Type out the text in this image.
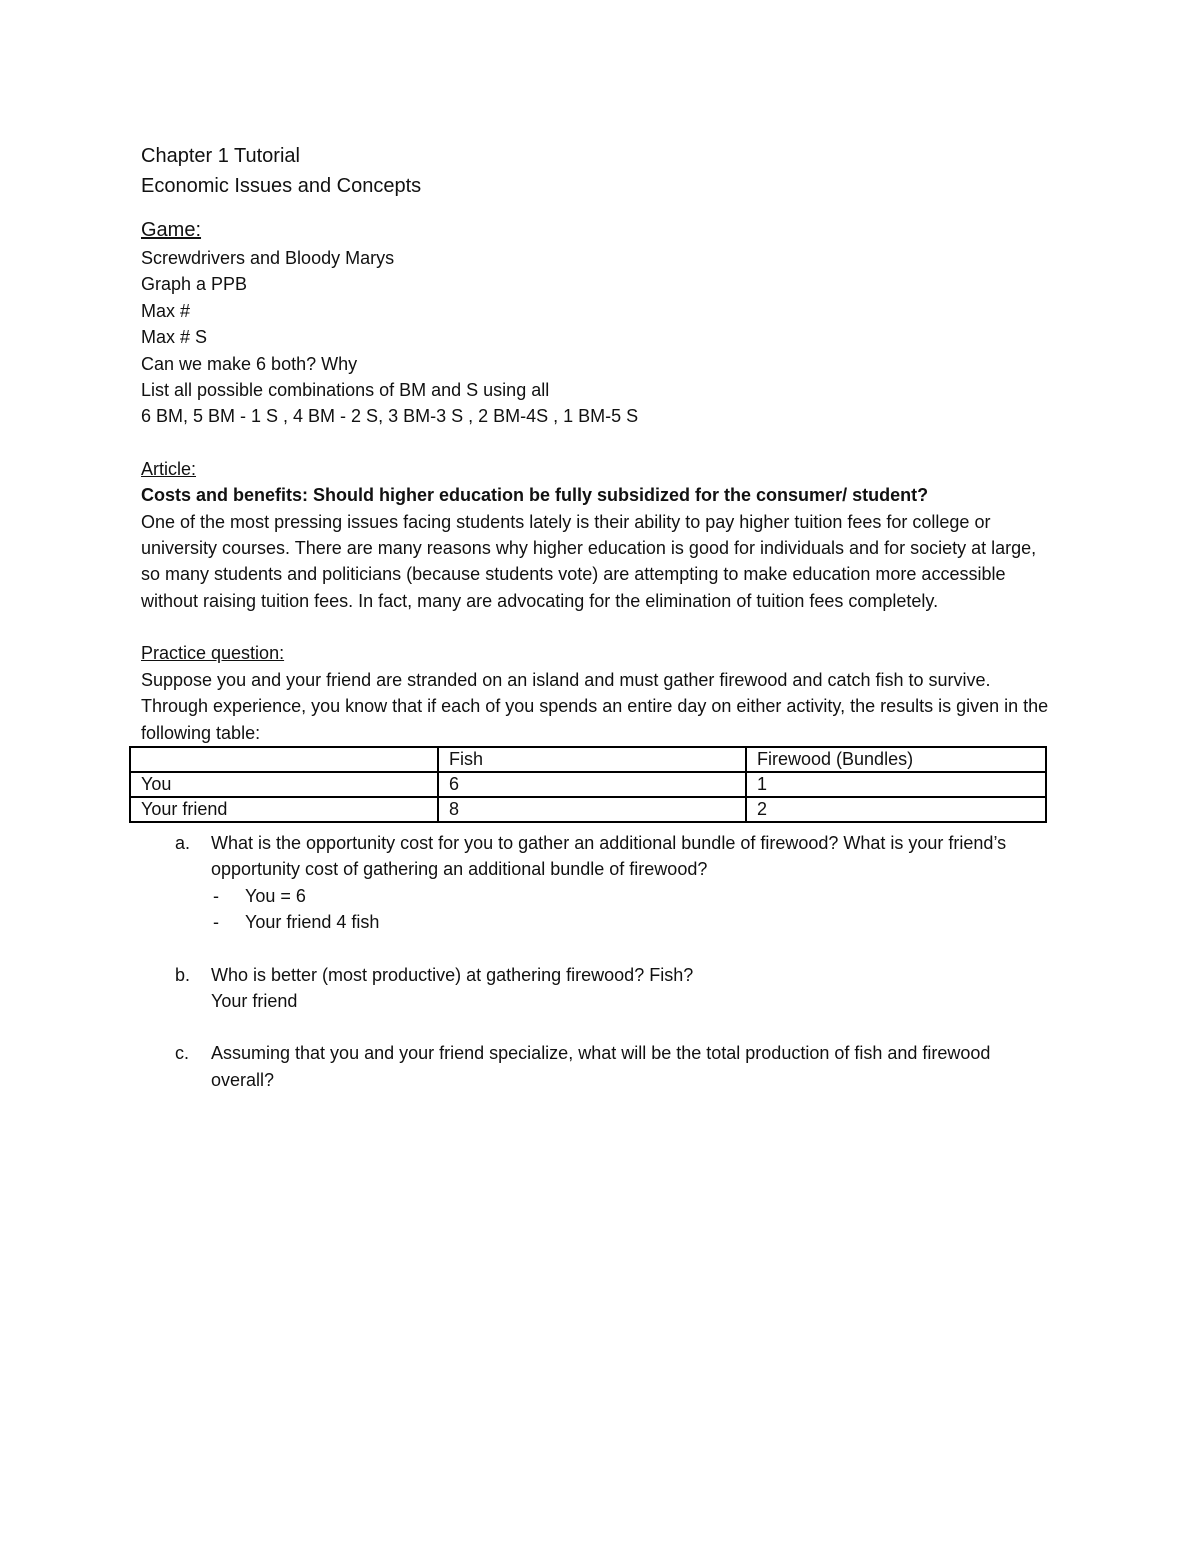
Chapter 1 Tutorial
Economic Issues and Concepts
Game:
Screwdrivers and Bloody Marys
Graph a PPB
Max #
Max # S
Can we make 6 both? Why
List all possible combinations of BM and S using all
6 BM, 5 BM - 1 S , 4 BM - 2 S, 3 BM-3 S , 2 BM-4S , 1 BM-5 S
Article:
Costs and benefits: Should higher education be fully subsidized for the consumer/ student?
One of the most pressing issues facing students lately is their ability to pay higher tuition fees for college or university courses. There are many reasons why higher education is good for individuals and for society at large, so many students and politicians (because students vote) are attempting to make education more accessible without raising tuition fees. In fact, many are advocating for the elimination of tuition fees completely.
Practice question:
Suppose you and your friend are stranded on an island and must gather firewood and catch fish to survive. Through experience, you know that if each of you spends an entire day on either activity, the results is given in the following table:
	Fish	Firewood (Bundles)
You	6	1
Your friend	8	2
a. What is the opportunity cost for you to gather an additional bundle of firewood? What is your friend’s opportunity cost of gathering an additional bundle of firewood?
- You = 6
- Your friend 4 fish
b. Who is better (most productive) at gathering firewood? Fish?
Your friend
c. Assuming that you and your friend specialize, what will be the total production of fish and firewood overall?
